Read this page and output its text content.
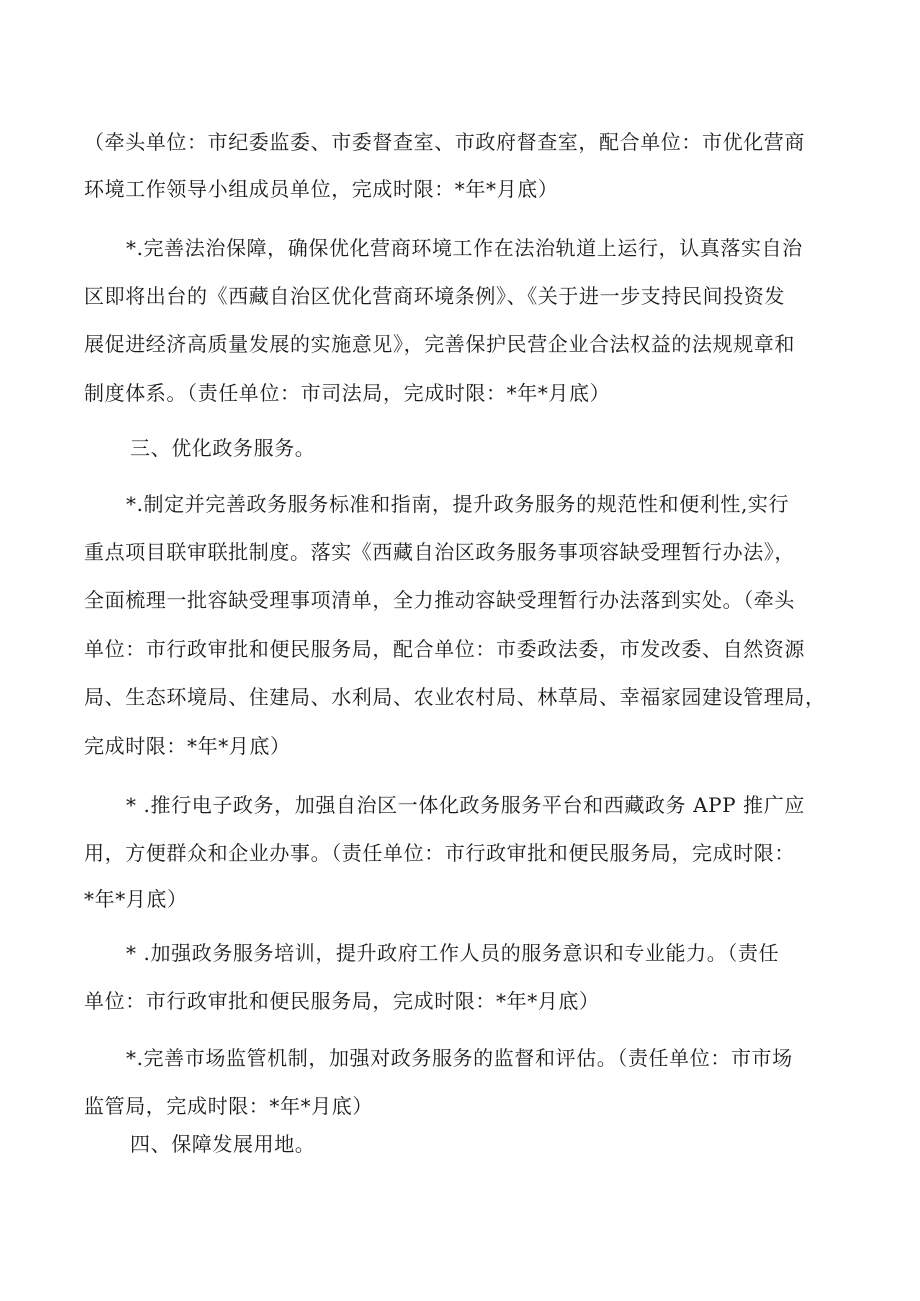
（牵头单位：市纪委监委、市委督查室、市政府督查室，配合单位：市优化营商
环境工作领导小组成员单位，完成时限：*年*月底）
*.完善法治保障，确保优化营商环境工作在法治轨道上运行，认真落实自治
区即将出台的《西藏自治区优化营商环境条例》、《关于进一步支持民间投资发
展促进经济高质量发展的实施意见》，完善保护民营企业合法权益的法规规章和
制度体系。（责任单位：市司法局，完成时限：*年*月底）
三、优化政务服务。
*.制定并完善政务服务标准和指南，提升政务服务的规范性和便利性,实行
重点项目联审联批制度。落实《西藏自治区政务服务事项容缺受理暂行办法》，
全面梳理一批容缺受理事项清单，全力推动容缺受理暂行办法落到实处。（牵头
单位：市行政审批和便民服务局，配合单位：市委政法委，市发改委、自然资源
局、生态环境局、住建局、水利局、农业农村局、林草局、幸福家园建设管理局，
完成时限：*年*月底）
* .推行电子政务，加强自治区一体化政务服务平台和西藏政务 APP 推广应
用，方便群众和企业办事。（责任单位：市行政审批和便民服务局，完成时限：
*年*月底）
* .加强政务服务培训，提升政府工作人员的服务意识和专业能力。（责任
单位：市行政审批和便民服务局，完成时限：*年*月底）
*.完善市场监管机制，加强对政务服务的监督和评估。（责任单位：市市场
监管局，完成时限：*年*月底）
四、保障发展用地。
